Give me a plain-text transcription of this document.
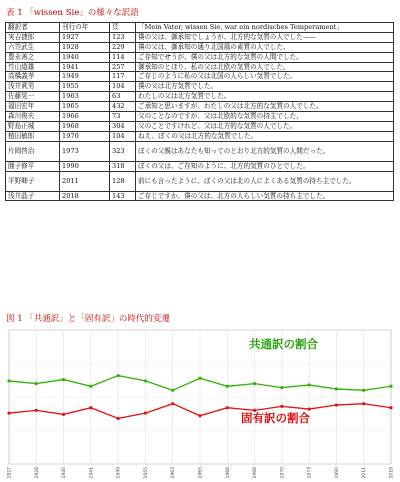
表 1 「wissen Sie」の様々な訳語
翻訳者	刊行の年	頁	「Mein Vater, wissen Sie, war ein nordisches Temperament」
実吉捷郎	1927	123	僕の父は、御承知でしょうが、北方的な気質の人でした——
六笠武生	1928	229	僕の父は、御承知の通り北国風の素質の人でした、
豊永善之	1940	114	ご存知でせうが、僕の父は北方的な気質の人間でした。
竹山道雄	1941	257	御承知のとほり、私の父は北欧の気質の人でした。
高橋義孝	1949	117	ご存じのように私の父は北国の人らしい気質でした。
浅井眞男	1955	104	僕の父は北方気質でした。
佐藤晃一	1963	63	わたしの父は北方気質でした。
福田宏年	1965	432	ご承知と思いますが、わたしの父は北方的な気質の人でした。
森川俊夫	1966	73	父のことなのですが、父は北欧的な気質の持主でした、
野島正城	1968	304	父のことですけれど、父は北方的な気質の人でした。
植田敏郎	1970	104	ねえ、ぼくの父は北方的な気質でした。
片岡啓治	1973	323	ぼくの父親はあなたも知ってのとおり北方的気質の人間だった。
圓子修平	1990	318	ぼくの父は、ご存知のように、北方的気質のひとでした。
平野卿子	2011	128	前にも言ったように、ぼくの父は北の人によくある気質の持ち主でした。
浅井晶子	2018	143	ご存じですか、僕の父は、北方の人らしい気質の持ち主でした。
図 1 「共通訳」と「固有訳」の時代的変遷
1927	1928	1940	1941	1949	1955	1963	1965	1966	1968	1970	1973	1990	2011	2018
共通訳の割合
固有訳の割合
